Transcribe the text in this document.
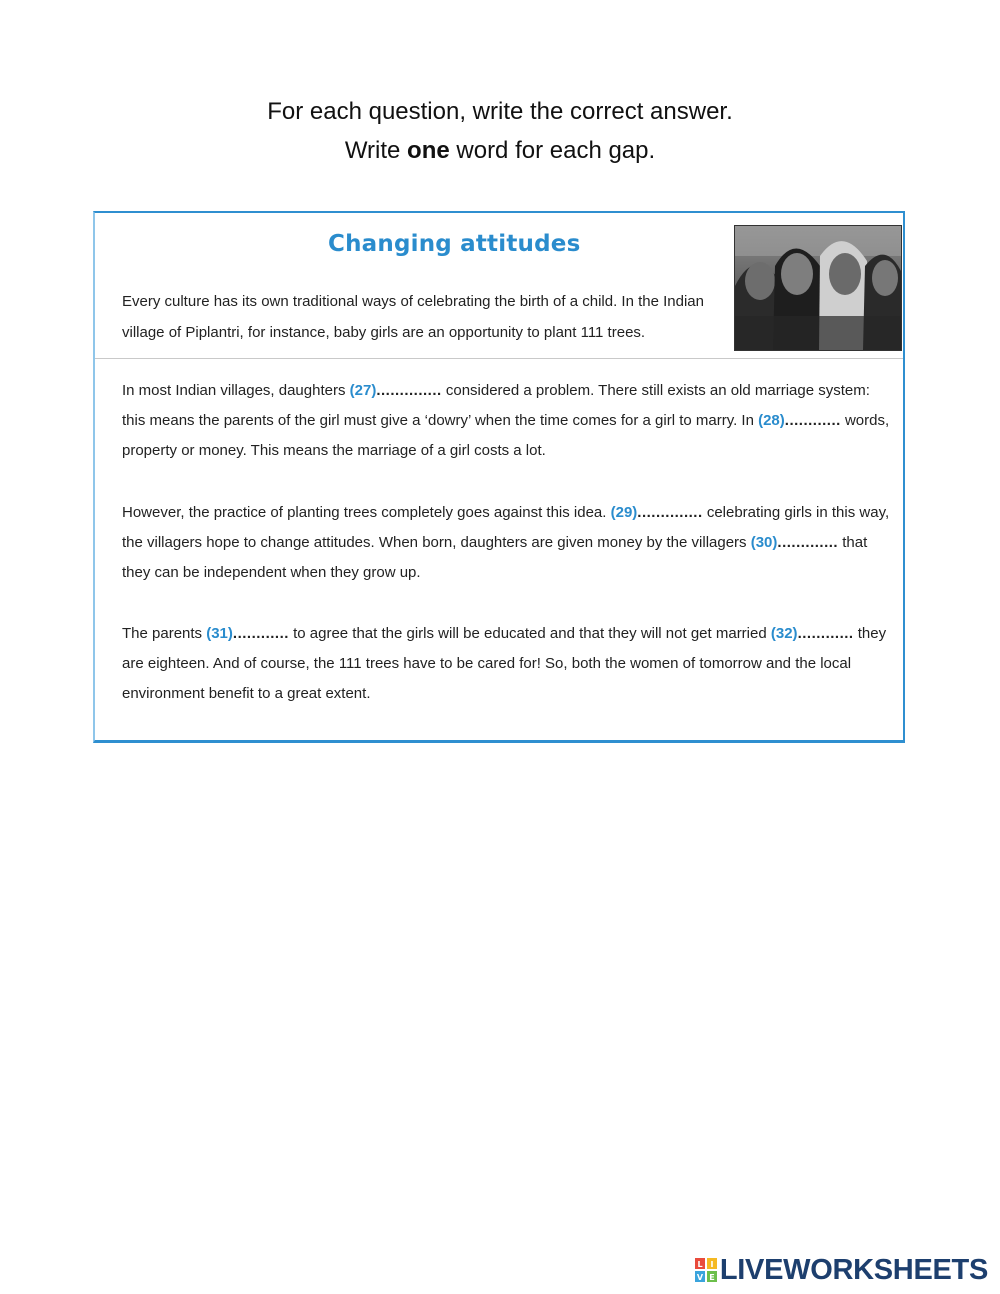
For each question, write the correct answer.
Write one word for each gap.
Changing attitudes
Every culture has its own traditional ways of celebrating the birth of a child. In the Indian village of Piplantri, for instance, baby girls are an opportunity to plant 111 trees.
In most Indian villages, daughters (27).............. considered a problem. There still exists an old marriage system: this means the parents of the girl must give a ‘dowry’ when the time comes for a girl to marry. In (28)............ words, property or money. This means the marriage of a girl costs a lot.
However, the practice of planting trees completely goes against this idea. (29).............. celebrating girls in this way, the villagers hope to change attitudes. When born, daughters are given money by the villagers (30)............. that they can be independent when they grow up.
The parents (31)............ to agree that the girls will be educated and that they will not get married (32)............ they are eighteen. And of course, the 111 trees have to be cared for! So, both the women of tomorrow and the local environment benefit to a great extent.
L I
V E LIVEWORKSHEETS
